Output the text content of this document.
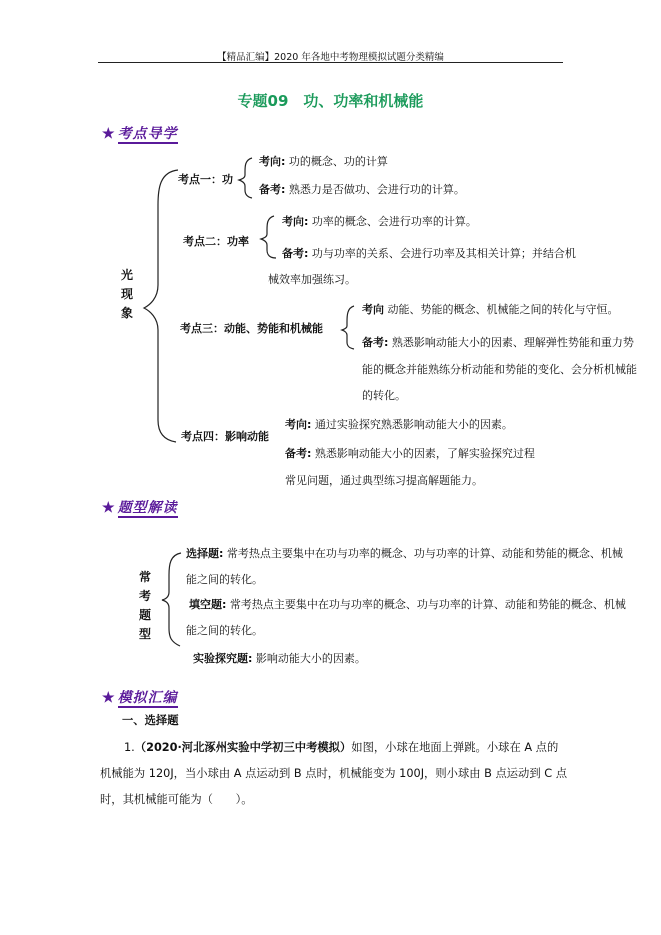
【精品汇编】2020 年各地中考物理模拟试题分类精编
专题09　功、功率和机械能
★ 考点导学
光现象
考点一：功
考向: 功的概念、功的计算
备考: 熟悉力是否做功、会进行功的计算。
考点二：功率
考向: 功率的概念、会进行功率的计算。
备考: 功与功率的关系、会进行功率及其相关计算；并结合机
械效率加强练习。
考点三：动能、势能和机械能
考向 动能、势能的概念、机械能之间的转化与守恒。
备考: 熟悉影响动能大小的因素、理解弹性势能和重力势
能的概念并能熟练分析动能和势能的变化、会分析机械能
的转化。
考点四：影响动能
考向: 通过实验探究熟悉影响动能大小的因素。
备考: 熟悉影响动能大小的因素，了解实验探究过程
常见问题，通过典型练习提高解题能力。
★ 题型解读
常考题型
选择题: 常考热点主要集中在功与功率的概念、功与功率的计算、动能和势能的概念、机械
能之间的转化。
填空题: 常考热点主要集中在功与功率的概念、功与功率的计算、动能和势能的概念、机械
能之间的转化。
实验探究题: 影响动能大小的因素。
★ 模拟汇编
一、选择题
1.（2020·河北涿州实验中学初三中考模拟）如图，小球在地面上弹跳。小球在 A 点的
机械能为 120J，当小球由 A 点运动到 B 点时，机械能变为 100J，则小球由 B 点运动到 C 点
时，其机械能可能为（　　）。
